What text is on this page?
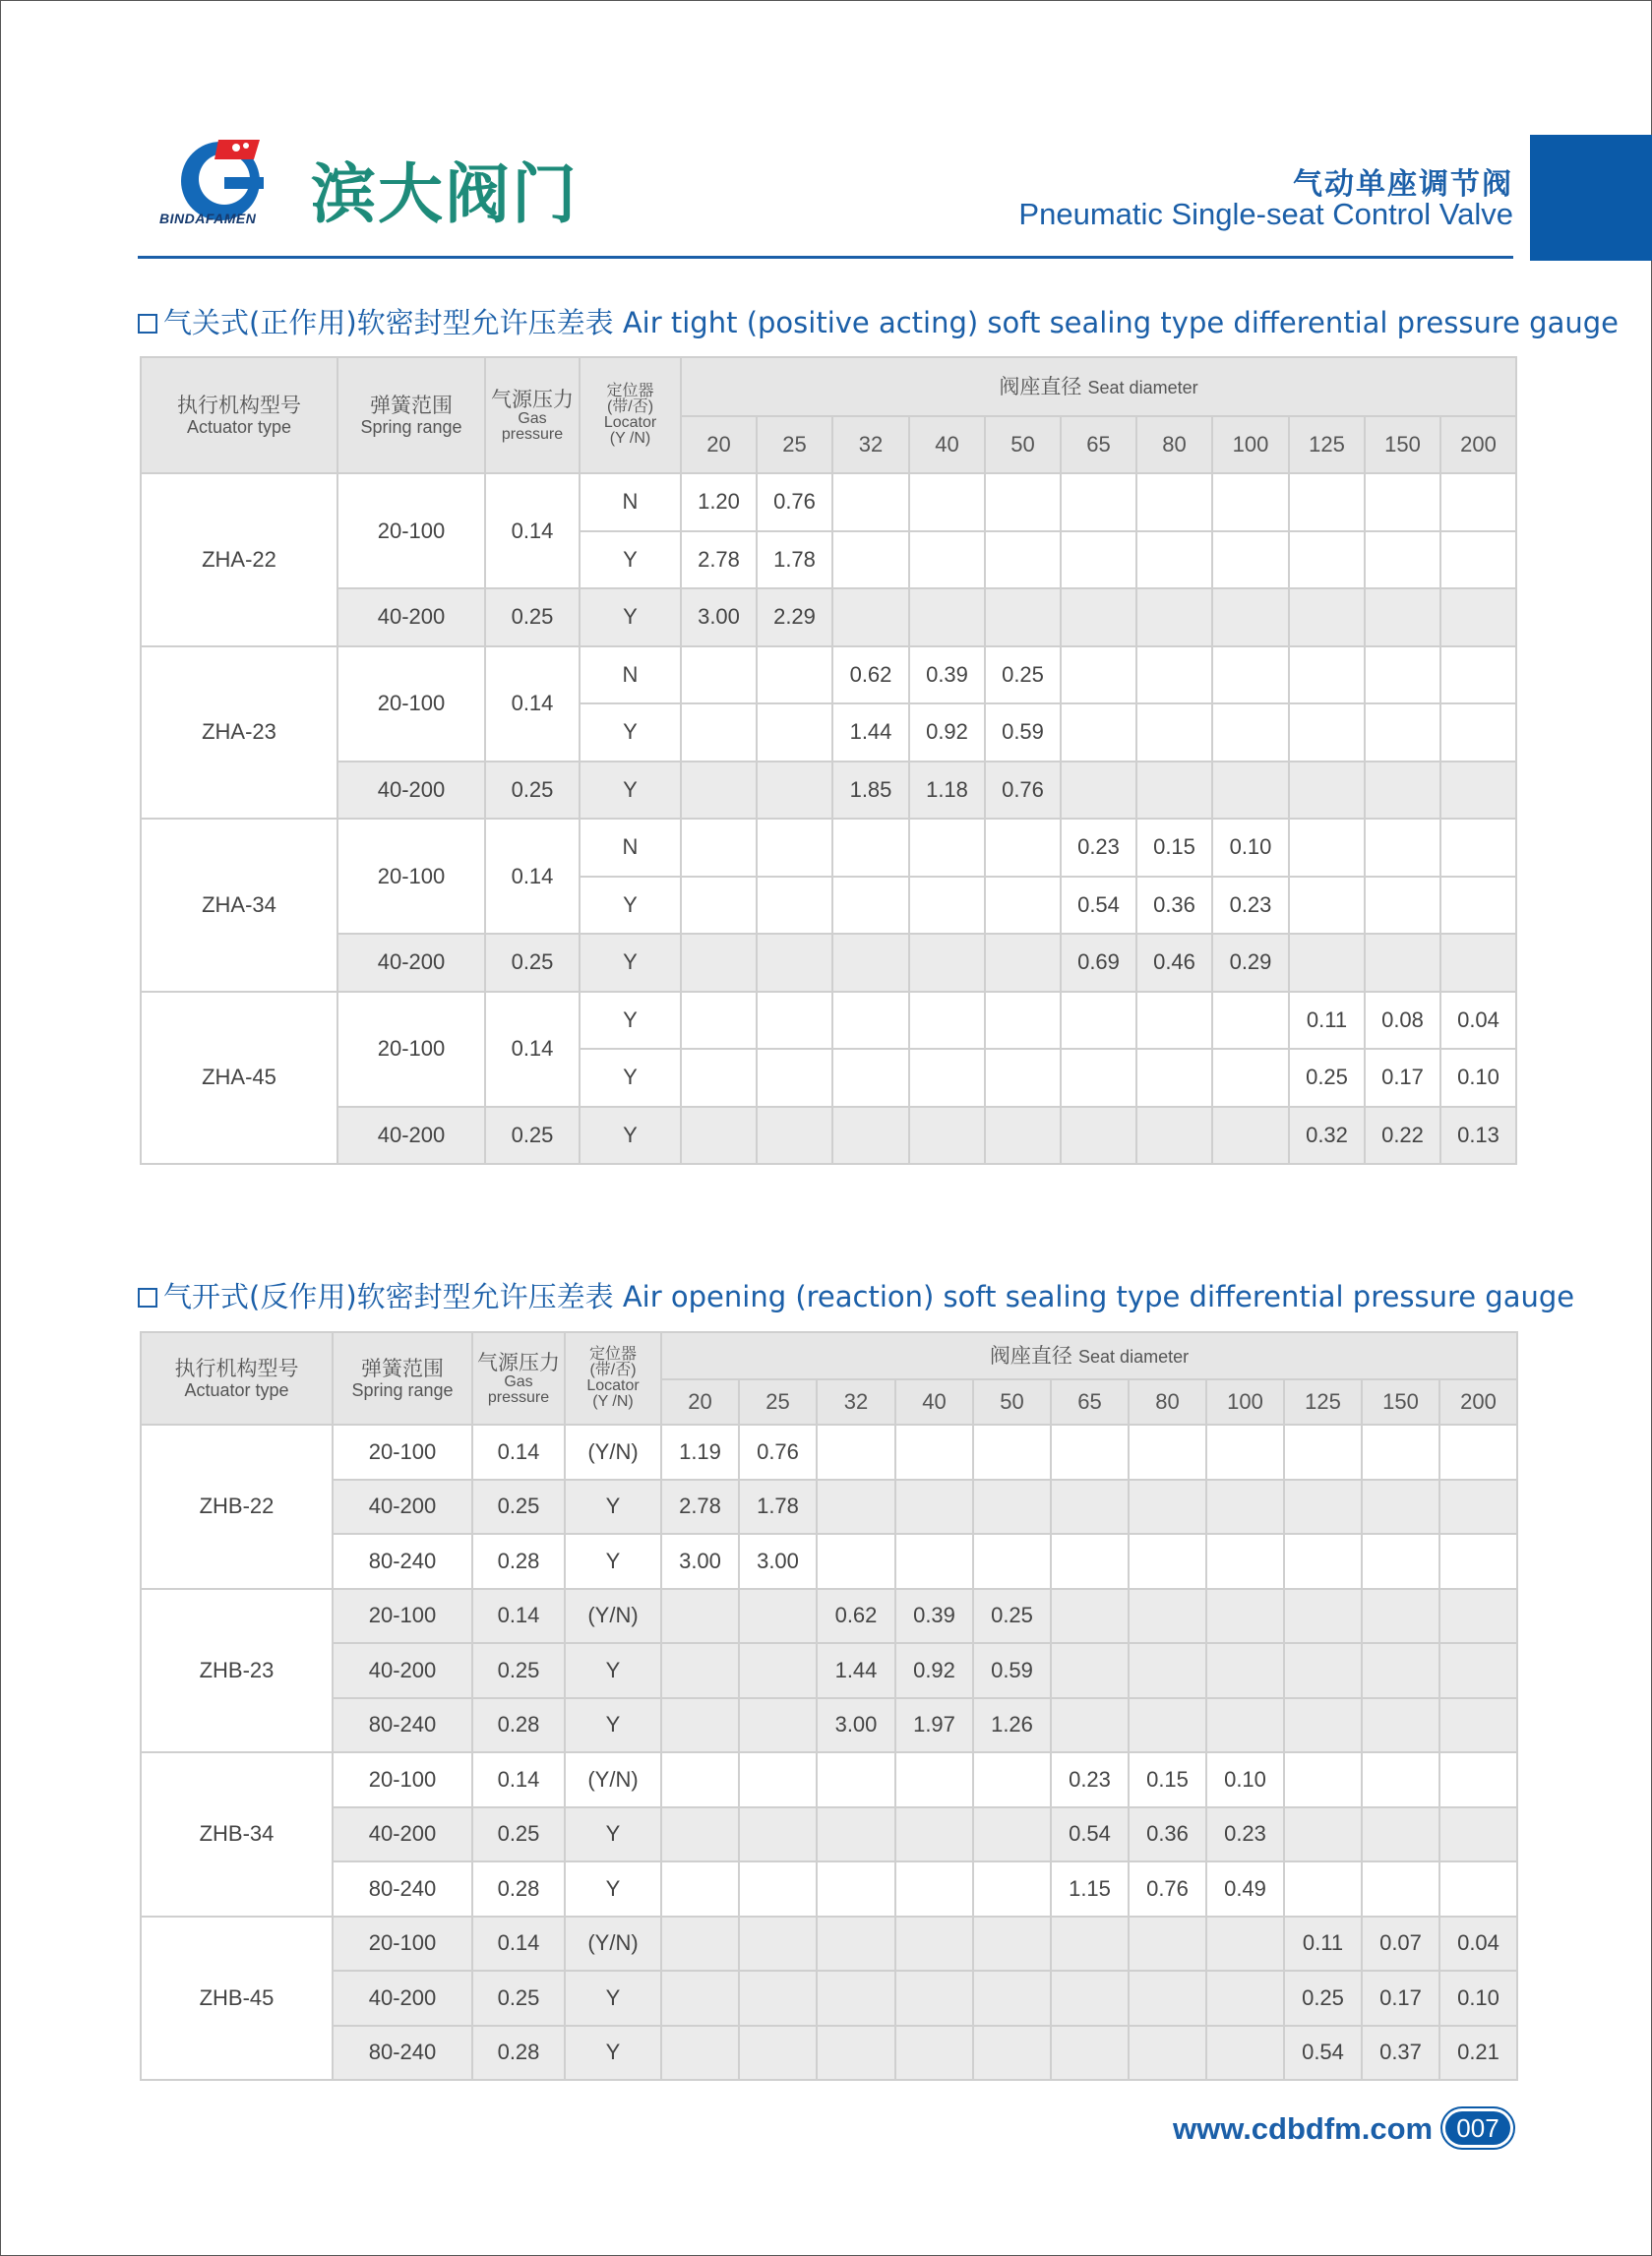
BINDAFAMEN 滨大阀门	气动单座调节阀
Pneumatic Single-seat Control Valve
气关式(正作用)软密封型允许压差表 Air tight (positive acting) soft sealing type differential pressure gauge
执行机构型号
Actuator type	弹簧范围
Spring range	气源压力
Gas
pressure	定位器
(带/否)
Locator
(Y /N)	阀座直径 Seat diameter										
				20	25	32	40	50	65	80	100	125	150	200
ZHA-22	20-100	0.14	N	1.20	0.76									
			Y	2.78	1.78									
	40-200	0.25	Y	3.00	2.29									
ZHA-23	20-100	0.14	N			0.62	0.39	0.25						
			Y			1.44	0.92	0.59						
	40-200	0.25	Y			1.85	1.18	0.76						
ZHA-34	20-100	0.14	N						0.23	0.15	0.10			
			Y						0.54	0.36	0.23			
	40-200	0.25	Y						0.69	0.46	0.29			
ZHA-45	20-100	0.14	Y									0.11	0.08	0.04
			Y									0.25	0.17	0.10
	40-200	0.25	Y									0.32	0.22	0.13
气开式(反作用)软密封型允许压差表 Air opening (reaction) soft sealing type differential pressure gauge
执行机构型号
Actuator type	弹簧范围
Spring range	气源压力
Gas
pressure	定位器
(带/否)
Locator
(Y /N)	阀座直径 Seat diameter										
				20	25	32	40	50	65	80	100	125	150	200
ZHB-22	20-100	0.14	(Y/N)	1.19	0.76									
	40-200	0.25	Y	2.78	1.78									
	80-240	0.28	Y	3.00	3.00									
ZHB-23	20-100	0.14	(Y/N)			0.62	0.39	0.25						
	40-200	0.25	Y			1.44	0.92	0.59						
	80-240	0.28	Y			3.00	1.97	1.26						
ZHB-34	20-100	0.14	(Y/N)						0.23	0.15	0.10			
	40-200	0.25	Y						0.54	0.36	0.23			
	80-240	0.28	Y						1.15	0.76	0.49			
ZHB-45	20-100	0.14	(Y/N)									0.11	0.07	0.04
	40-200	0.25	Y									0.25	0.17	0.10
	80-240	0.28	Y									0.54	0.37	0.21
www.cdbdfm.com 007
